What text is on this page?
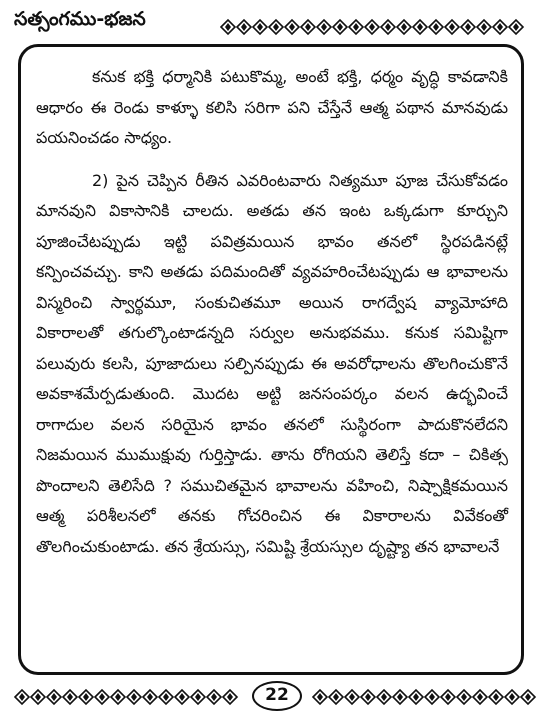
సత్సంగము-భజన

కనుక భక్తి ధర్మానికి పటుకొమ్మ, అంటే భక్తి, ధర్మం వృద్ధి కావడానికి ఆధారం ఈ రెండు కాళ్ళూ కలిసి సరిగా పని చేస్తేనే ఆత్మ పథాన మానవుడు పయనించడం సాధ్యం.

2) పైన చెప్పిన రీతిన ఎవరింటవారు నిత్యమూ పూజ చేసుకోవడం మానవుని వికాసానికి చాలదు. అతడు తన ఇంట ఒక్కడుగా కూర్చుని పూజించేటప్పుడు ఇట్టి పవిత్రమయిన భావం తనలో స్థిరపడినట్లే కన్పించవచ్చు. కాని అతడు పదిమందితో వ్యవహరించేటప్పుడు ఆ భావాలను విస్మరించి స్వార్థమూ, సంకుచితమూ అయిన రాగద్వేష వ్యామోహాది వికారాలతో తగుల్కొంటాడన్నది సర్వుల అనుభవము. కనుక సమిష్టిగా పలువురు కలసి, పూజాదులు సల్పినప్పుడు ఈ అవరోధాలను తొలగించుకొనే అవకాశమేర్పడుతుంది. మొదట అట్టి జనసంపర్కం వలన ఉద్భవించే రాగాదుల వలన సరియైన భావం తనలో సుస్థిరంగా పాదుకొనలేదని నిజమయిన ముముక్షువు గుర్తిస్తాడు. తాను రోగియని తెలిస్తే కదా – చికిత్స పొందాలని తెలిసేది ? సముచితమైన భావాలను వహించి, నిష్పాక్షికమయిన ఆత్మ పరిశీలనలో తనకు గోచరించిన ఈ వికారాలను వివేకంతో తొలగించుకుంటాడు. తన శ్రేయస్సు, సమిష్టి శ్రేయస్సుల దృష్ట్యా తన భావాలనే

22
